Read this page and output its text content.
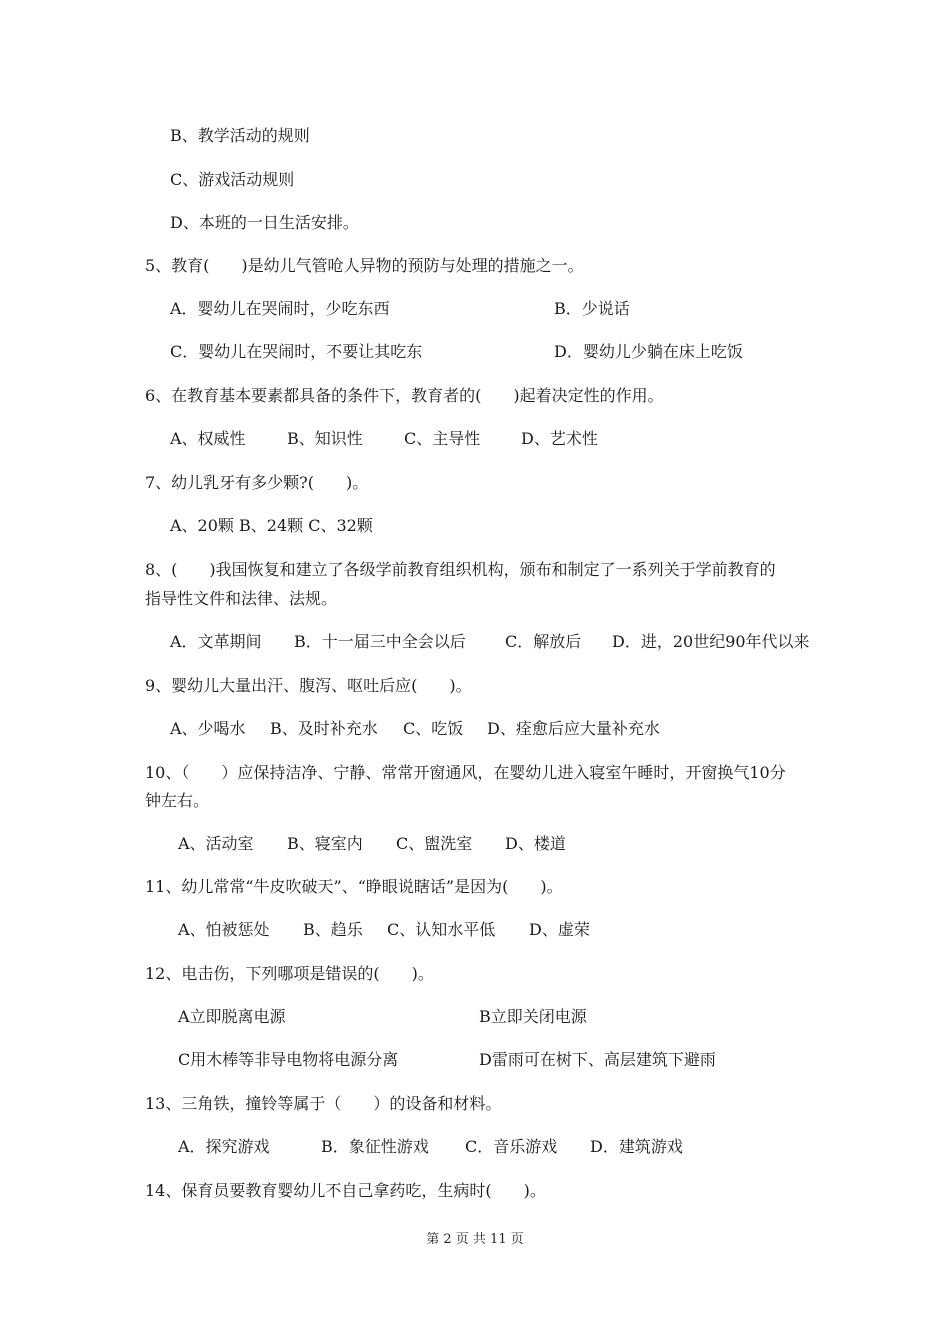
B、教学活动的规则
C、游戏活动规则
D、本班的一日生活安排。
5、教育(　　)是幼儿气管呛人异物的预防与处理的措施之一。
A．婴幼儿在哭闹时，少吃东西	B．少说话
C．婴幼儿在哭闹时，不要让其吃东	D．婴幼儿少躺在床上吃饭
6、在教育基本要素都具备的条件下，教育者的(　　)起着决定性的作用。
A、权威性	B、知识性	C、主导性	D、艺术性
7、幼儿乳牙有多少颗?(　　)。
A、20颗 B、24颗 C、32颗
8、(　　)我国恢复和建立了各级学前教育组织机构，颁布和制定了一系列关于学前教育的
指导性文件和法律、法规。
A．文革期间 B．十一届三中全会以后 C．解放后 D．进，20世纪90年代以来
9、婴幼儿大量出汗、腹泻、呕吐后应(　　)。
A、少喝水 B、及时补充水 C、吃饭 D、痊愈后应大量补充水
10、（　　）应保持洁净、宁静、常常开窗通风，在婴幼儿进入寝室午睡时，开窗换气10分
钟左右。
A、活动室 B、寝室内 C、盥洗室 D、楼道
11、幼儿常常“牛皮吹破天”、“睁眼说瞎话”是因为(　　)。
A、怕被惩处 B、趋乐 C、认知水平低 D、虚荣
12、电击伤，下列哪项是错误的(　　)。
A立即脱离电源	B立即关闭电源
C用木棒等非导电物将电源分离	D雷雨可在树下、高层建筑下避雨
13、三角铁，撞铃等属于（　　）的设备和材料。
A．探究游戏	B．象征性游戏 C．音乐游戏 D．建筑游戏
14、保育员要教育婴幼儿不自己拿药吃，生病时(　　)。
第 2 页 共 11 页
